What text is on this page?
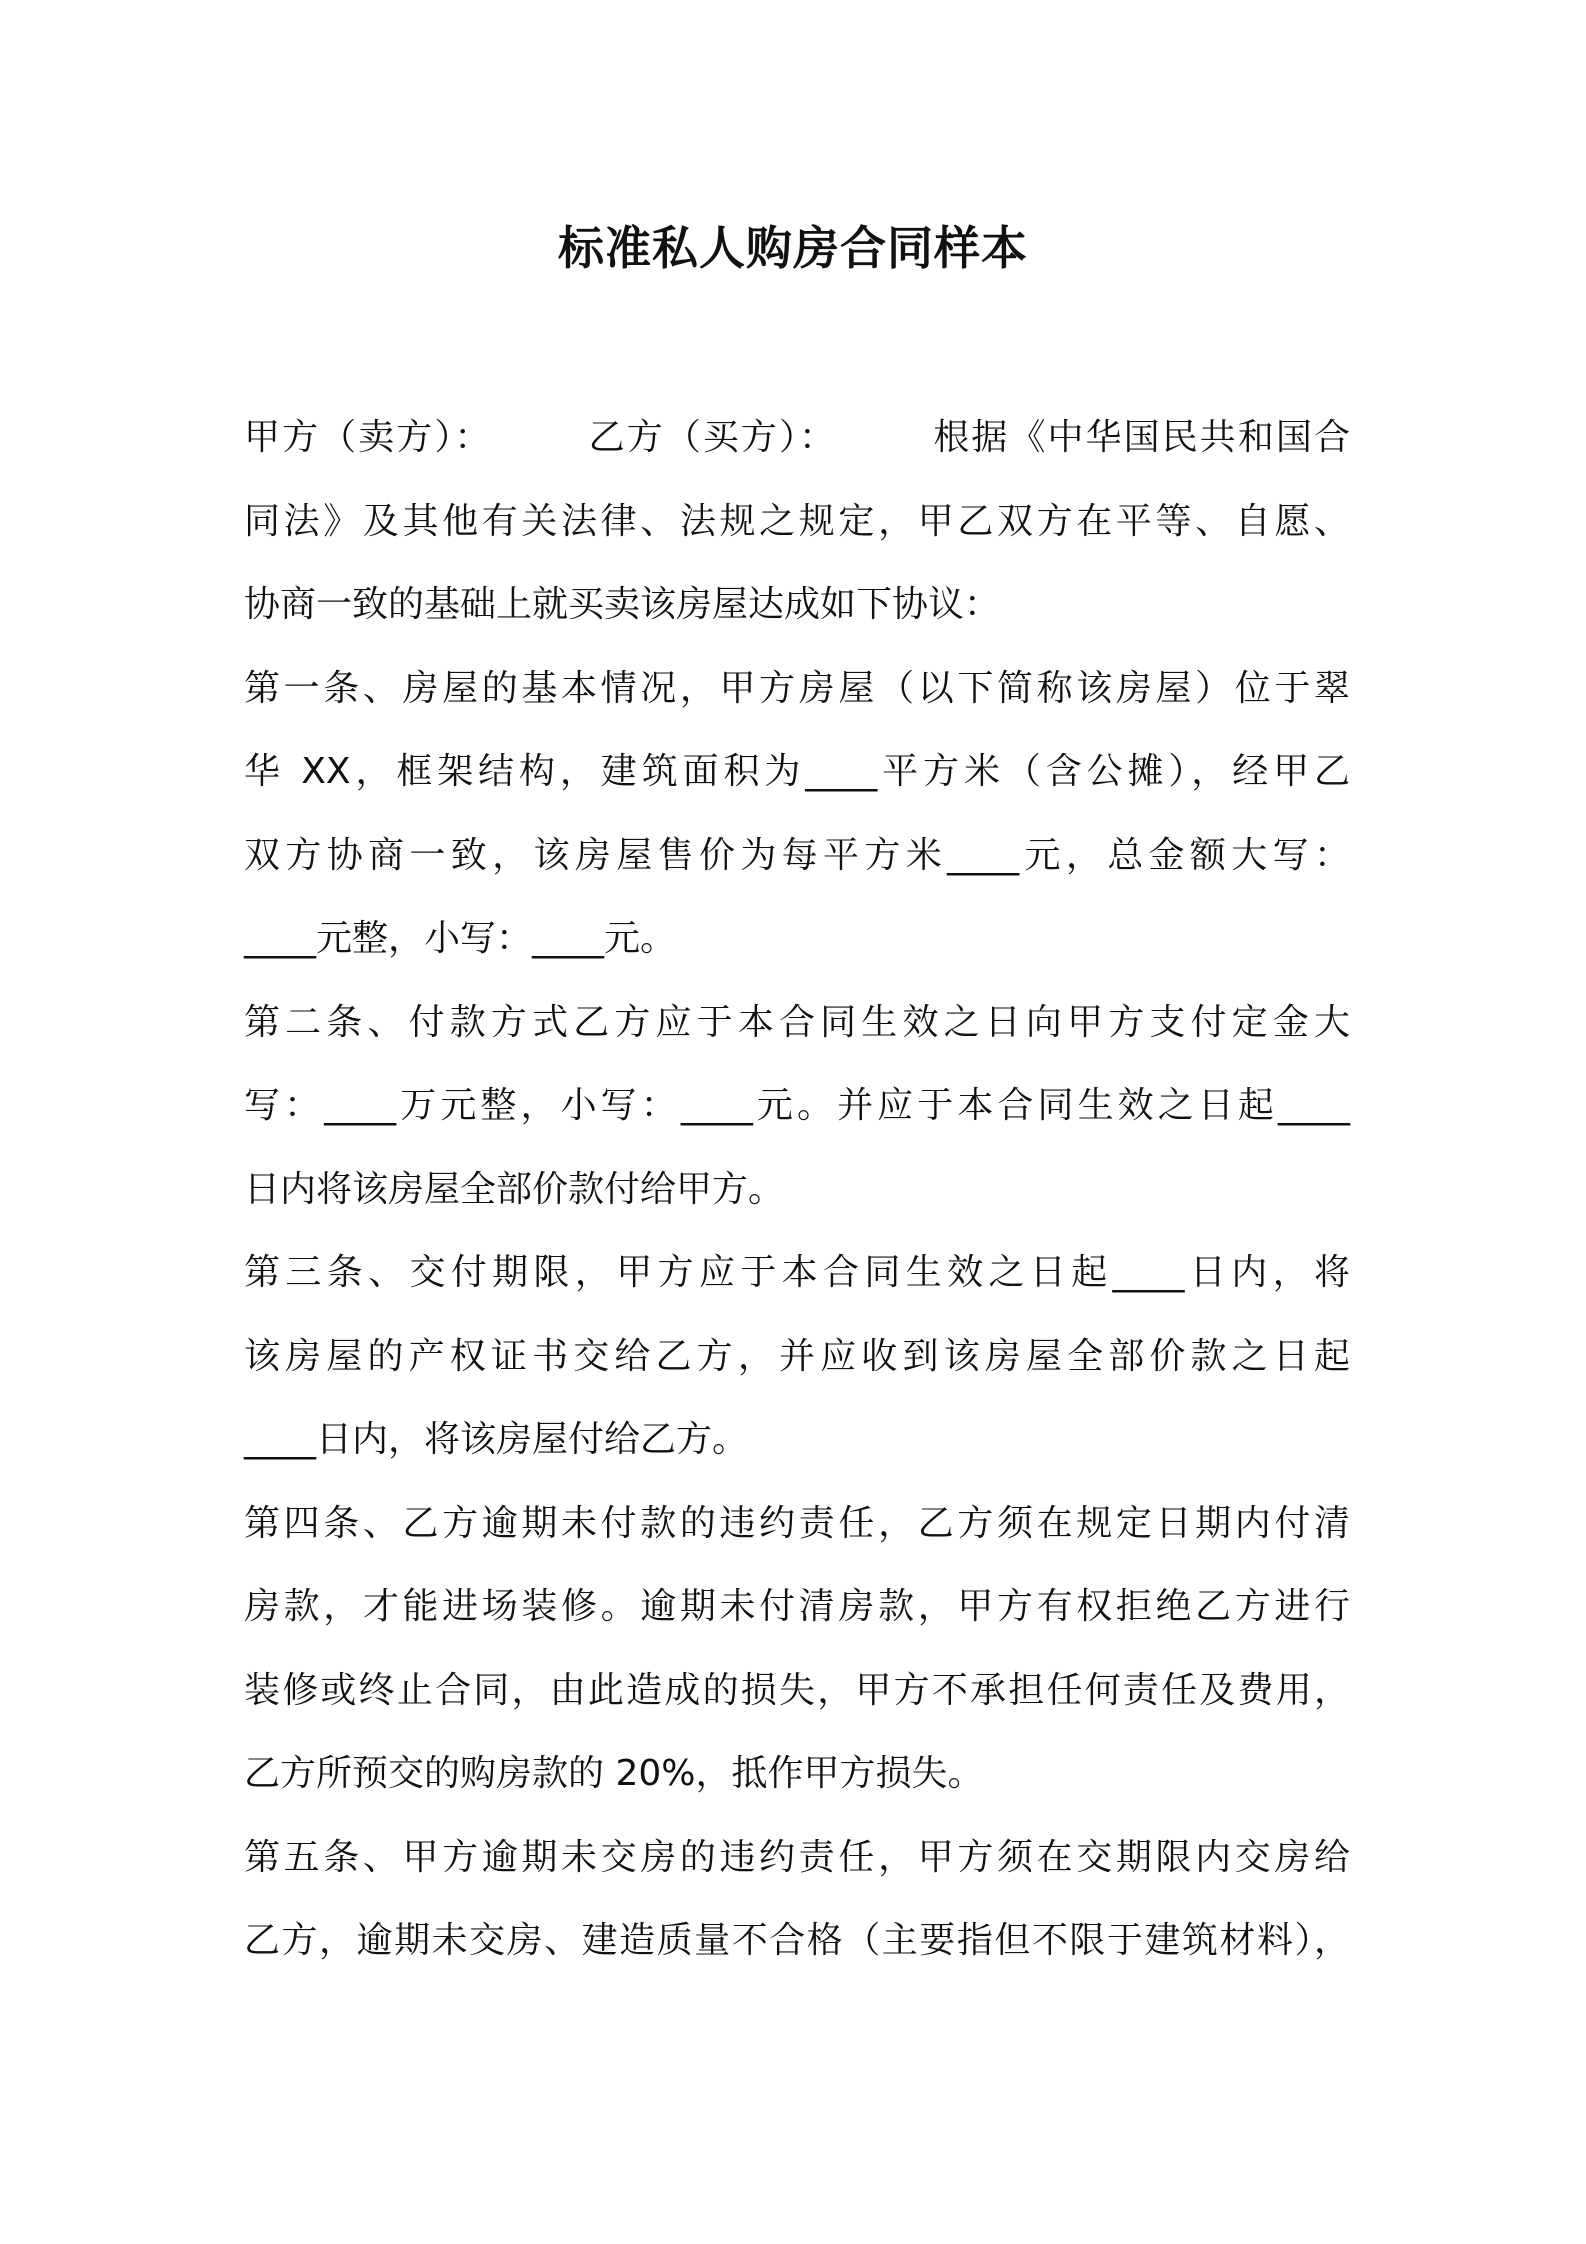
标准私人购房合同样本
甲方（卖方）：　　　乙方（买方）：　　　根据《中华国民共和国合
同法》及其他有关法律、法规之规定，甲乙双方在平等、自愿、
协商一致的基础上就买卖该房屋达成如下协议：
第一条、房屋的基本情况，甲方房屋（以下简称该房屋）位于翠
华 XX，框架结构，建筑面积为____平方米（含公摊），经甲乙
双方协商一致，该房屋售价为每平方米____元，总金额大写：
____元整，小写：____元。
第二条、付款方式乙方应于本合同生效之日向甲方支付定金大
写：____万元整，小写：____元。并应于本合同生效之日起____
日内将该房屋全部价款付给甲方。
第三条、交付期限，甲方应于本合同生效之日起____日内，将
该房屋的产权证书交给乙方，并应收到该房屋全部价款之日起
____日内，将该房屋付给乙方。
第四条、乙方逾期未付款的违约责任，乙方须在规定日期内付清
房款，才能进场装修。逾期未付清房款，甲方有权拒绝乙方进行
装修或终止合同，由此造成的损失，甲方不承担任何责任及费用，
乙方所预交的购房款的 20%，抵作甲方损失。
第五条、甲方逾期未交房的违约责任，甲方须在交期限内交房给
乙方，逾期未交房、建造质量不合格（主要指但不限于建筑材料），
